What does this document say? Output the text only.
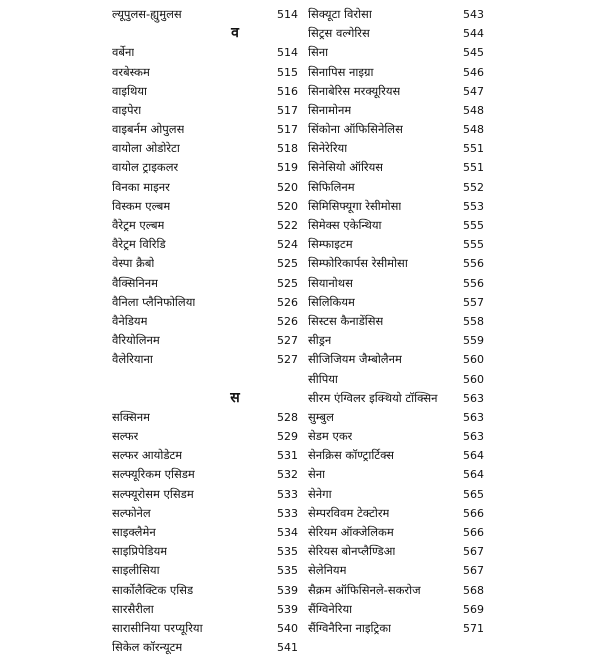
ल्यूपुलस-ह्युमुलस	514
व
वर्बेना	514
वरबेस्कम	515
वाइथिया	516
वाइपेरा	517
वाइबर्नम ओपुलस	517
वायोला ओडोरेटा	518
वायोल ट्राइकलर	519
विनका माइनर	520
विस्कम एल्बम	520
वैरेट्रम एल्बम	522
वैरेट्रम विरिडि	524
वेस्पा क्रैबो	525
वैक्सिनिनम	525
वैनिला प्लैनिफोलिया	526
वैनेडियम	526
वैरियोलिनम	527
वैलेरियाना	527
स
सक्सिनम	528
सल्फर	529
सल्फर आयोडेटम	531
सल्फ्यूरिकम एसिडम	532
सल्फ्यूरोसम एसिडम	533
सल्फोनेल	533
साइक्लैमेन	534
साइप्रिपेडियम	535
साइलीसिया	535
सार्कोलैक्टिक एसिड	539
सारसैरीला	539
सारासीनिया परप्यूरिया	540
सिकेल कॉरन्यूटम	541
सिक्यूटा विरोसा	543
सिट्रस वल्गेरिस	544
सिना	545
सिनापिस नाइग्रा	546
सिनाबेरिस मरक्यूरियस	547
सिनामोनम	548
सिंकोना ऑफिसिनेलिस	548
सिनेरेरिया	551
सिनेसियो ऑरियस	551
सिफिलिनम	552
सिमिसिफ्यूगा रेसीमोसा	553
सिमेक्स एकेन्थिया	555
सिम्फाइटम	555
सिम्फोरिकार्पस रेसीमोसा	556
सियानोथस	556
सिलिकियम	557
सिस्टस कैनाडेंसिस	558
सीड्रन	559
सीजिजियम जैम्बोलैनम	560
सीपिया	560
सीरम एंग्विलर इक्थियो टॉक्सिन 563
सुम्बुल	563
सेडम एकर	563
सेनक्रिस कॉण्ट्रार्टिक्स	564
सेना	564
सेनेगा	565
सेम्परविवम टेक्टोरम	566
सेरियम ऑक्जेलिकम	566
सेरियस बोनप्लैण्डिआ	567
सेलेनियम	567
सैक्रम ऑफिसिनले-सकरोज	568
सैंग्विनेरिया	569
सैंग्विनैरिना नाइट्रिका	571
